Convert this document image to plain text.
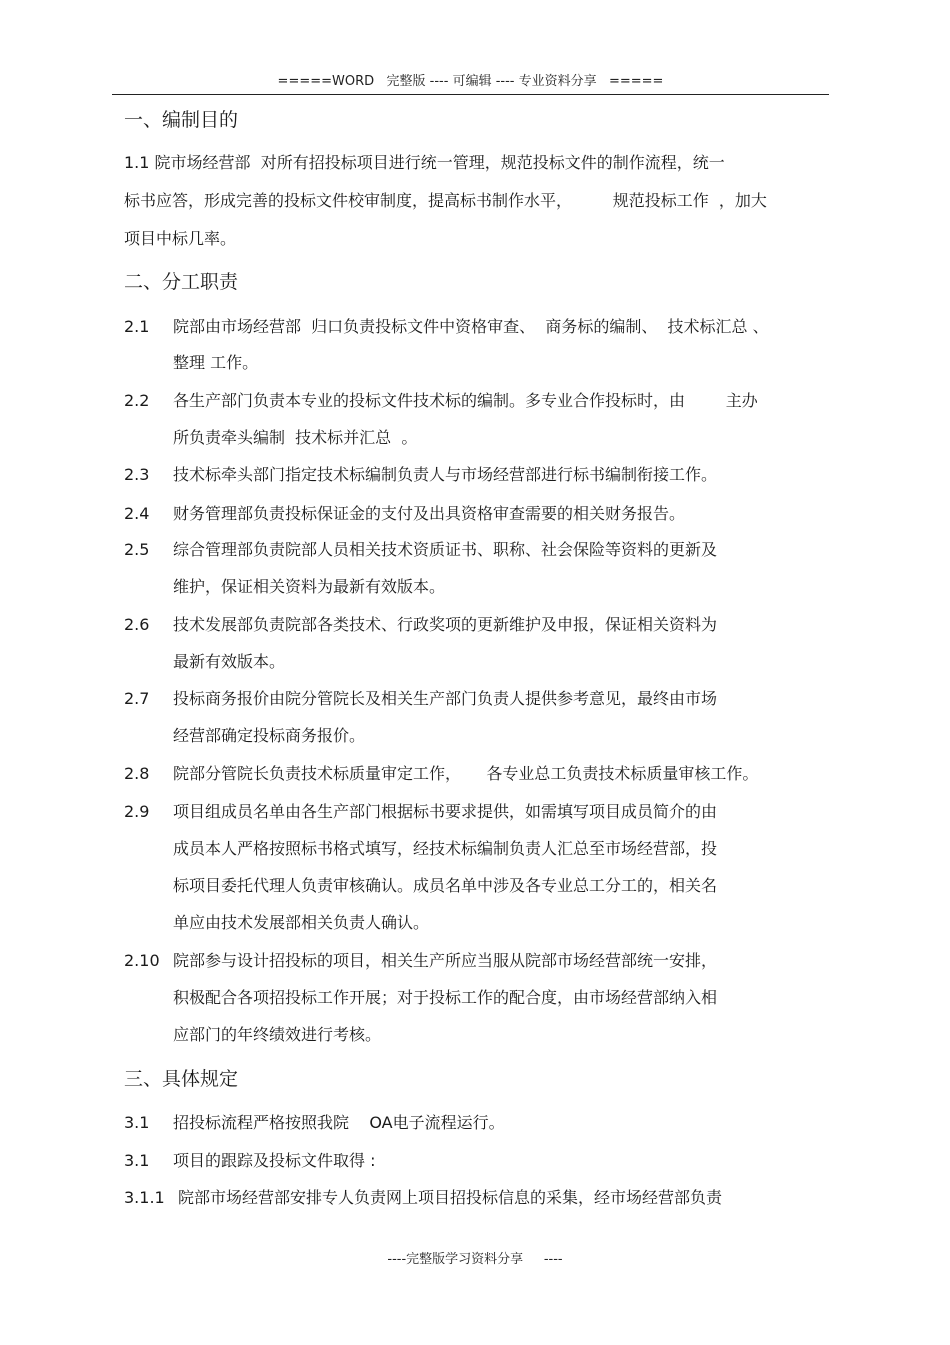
=====WORD   完整版 ---- 可编辑 ---- 专业资料分享   =====
一、编制目的
1.1 院市场经营部  对所有招投标项目进行统一管理，规范投标文件的制作流程，统一
标书应答，形成完善的投标文件校审制度，提高标书制作水平，        规范投标工作  ，加大
项目中标几率。
二、分工职责
2.1 院部由市场经营部  归口负责投标文件中资格审查、  商务标的编制、  技术标汇总 、
整理 工作。
2.2 各生产部门负责本专业的投标文件技术标的编制。多专业合作投标时，由        主办
所负责牵头编制  技术标并汇总  。
2.3 技术标牵头部门指定技术标编制负责人与市场经营部进行标书编制衔接工作。
2.4 财务管理部负责投标保证金的支付及出具资格审查需要的相关财务报告。
2.5 综合管理部负责院部人员相关技术资质证书、职称、社会保险等资料的更新及
维护，保证相关资料为最新有效版本。
2.6 技术发展部负责院部各类技术、行政奖项的更新维护及申报，保证相关资料为
最新有效版本。
2.7 投标商务报价由院分管院长及相关生产部门负责人提供参考意见，最终由市场
经营部确定投标商务报价。
2.8 院部分管院长负责技术标质量审定工作，     各专业总工负责技术标质量审核工作。
2.9 项目组成员名单由各生产部门根据标书要求提供，如需填写项目成员简介的由
成员本人严格按照标书格式填写，经技术标编制负责人汇总至市场经营部，投
标项目委托代理人负责审核确认。成员名单中涉及各专业总工分工的，相关名
单应由技术发展部相关负责人确认。
2.10 院部参与设计招投标的项目，相关生产所应当服从院部市场经营部统一安排，
积极配合各项招投标工作开展；对于投标工作的配合度，由市场经营部纳入相
应部门的年终绩效进行考核。
三、具体规定
3.1 招投标流程严格按照我院    OA电子流程运行。
3.1 项目的跟踪及投标文件取得 :
3.1.1 院部市场经营部安排专人负责网上项目招投标信息的采集，经市场经营部负责
----完整版学习资料分享     ----
